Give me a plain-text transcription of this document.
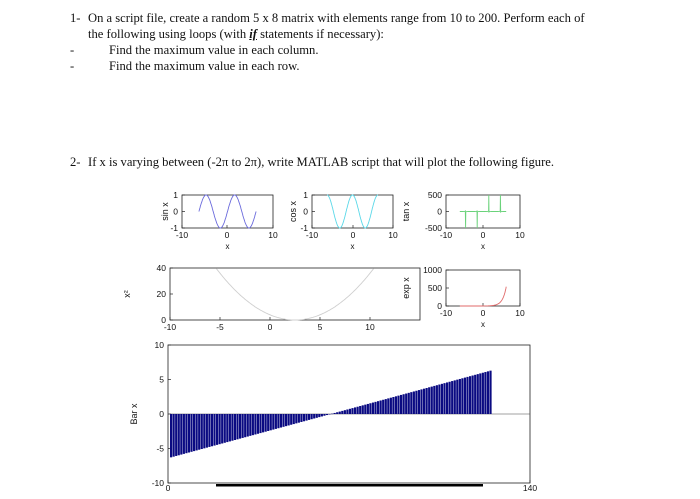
1- On a script file, create a random 5 x 8 matrix with elements range from 10 to 200. Perform each of
the following using loops (with if statements if necessary):
-	Find the maximum value in each column.
-	Find the maximum value in each row.
2- If x is varying between (-2π to 2π), write MATLAB script that will plot the following figure.
1
0
-1
-10	0	10
sin x
x
1
0
-1
-10	0	10
cos x
x
500
0
-500
-10	0	10
tan x
x
40
20
0
-10	-5	0	5	10
x²
1000
500
0
-10	0	10
exp x
x
10
5
0
-5
-10 0	140
Bar x
